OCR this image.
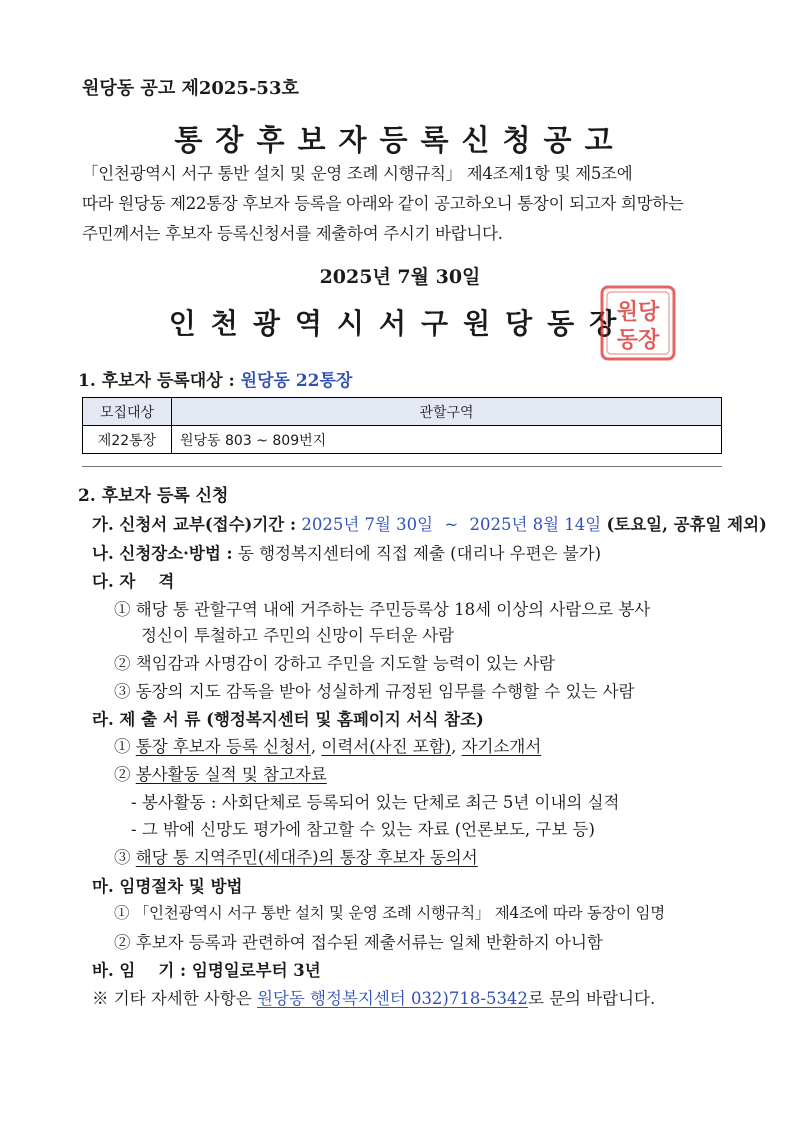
원당동 공고 제2025-53호
통장후보자등록신청공고
「인천광역시 서구 통반 설치 및 운영 조례 시행규칙」 제4조제1항 및 제5조에
따라 원당동 제22통장 후보자 등록을 아래와 같이 공고하오니 통장이 되고자 희망하는
주민께서는 후보자 등록신청서를 제출하여 주시기 바랍니다.
2025년 7월 30일
인천광역시서구원당동장
원당
동장
1. 후보자 등록대상 : 원당동 22통장
모집대상	관할구역
제22통장	원당동 803 ~ 809번지
2. 후보자 등록 신청
가. 신청서 교부(접수)기간 : 2025년 7월 30일 ~ 2025년 8월 14일 (토요일, 공휴일 제외)
나. 신청장소·방법 : 동 행정복지센터에 직접 제출 (대리나 우편은 불가)
다. 자    격
① 해당 통 관할구역 내에 거주하는 주민등록상 18세 이상의 사람으로 봉사
정신이 투철하고 주민의 신망이 두터운 사람
② 책임감과 사명감이 강하고 주민을 지도할 능력이 있는 사람
③ 동장의 지도 감독을 받아 성실하게 규정된 임무를 수행할 수 있는 사람
라. 제 출 서 류 (행정복지센터 및 홈페이지 서식 참조)
① 통장 후보자 등록 신청서, 이력서(사진 포함), 자기소개서
② 봉사활동 실적 및 참고자료
- 봉사활동 : 사회단체로 등록되어 있는 단체로 최근 5년 이내의 실적
- 그 밖에 신망도 평가에 참고할 수 있는 자료 (언론보도, 구보 등)
③ 해당 통 지역주민(세대주)의 통장 후보자 동의서
마. 임명절차 및 방법
① 「인천광역시 서구 통반 설치 및 운영 조례 시행규칙」 제4조에 따라 동장이 임명
② 후보자 등록과 관련하여 접수된 제출서류는 일체 반환하지 아니함
바. 임    기 : 임명일로부터 3년
※ 기타 자세한 사항은 원당동 행정복지센터 032)718-5342로 문의 바랍니다.
